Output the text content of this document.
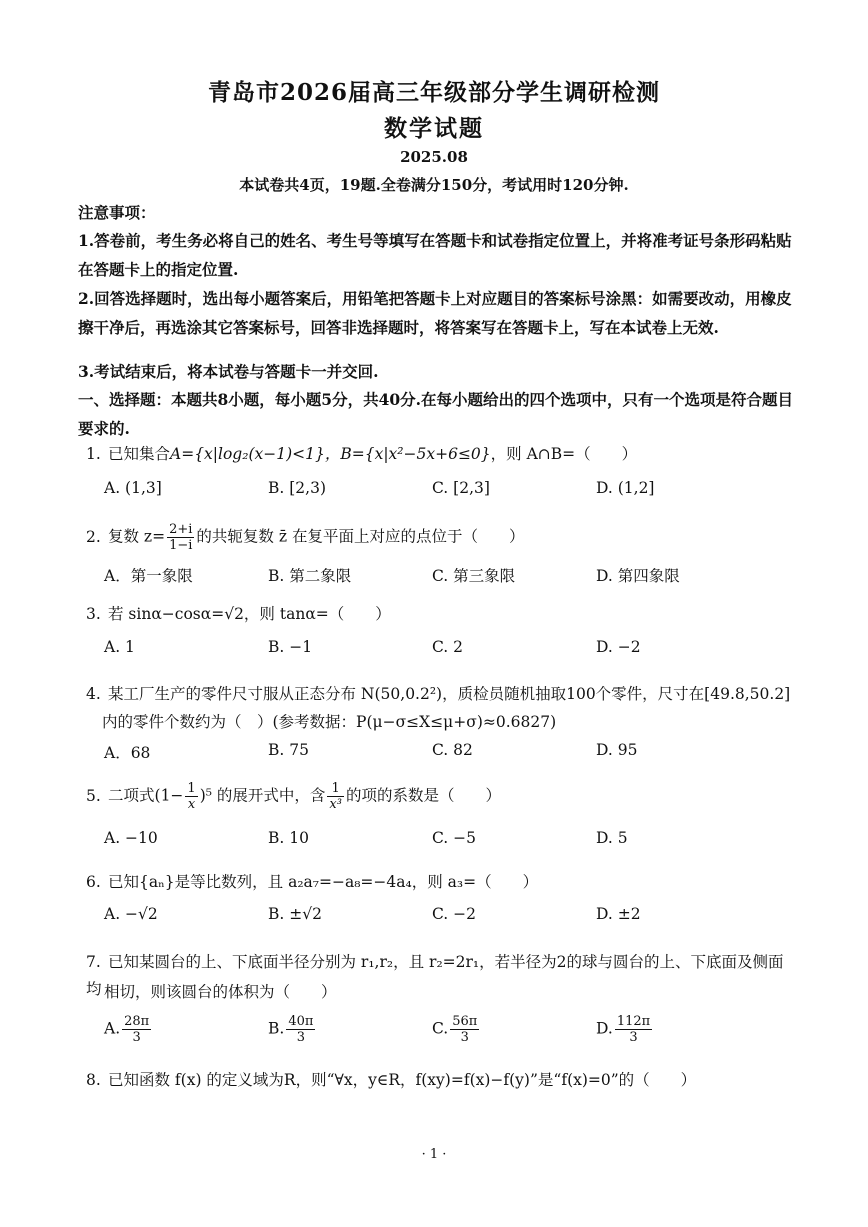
青岛市2026届高三年级部分学生调研检测
数学试题
2025.08
本试卷共4页，19题.全卷满分150分，考试用时120分钟.
注意事项：
1.答卷前，考生务必将自己的姓名、考生号等填写在答题卡和试卷指定位置上，并将准考证号条形码粘贴在答题卡上的指定位置.
2.回答选择题时，选出每小题答案后，用铅笔把答题卡上对应题目的答案标号涂黑：如需要改动，用橡皮擦干净后，再选涂其它答案标号，回答非选择题时，将答案写在答题卡上，写在本试卷上无效.
3.考试结束后，将本试卷与答题卡一并交回.
一、选择题：本题共8小题，每小题5分，共40分.在每小题给出的四个选项中，只有一个选项是符合题目要求的.
1. 已知集合A={x|log₂(x−1)<1}，B={x|x²−5x+6≤0}，则 A∩B=（　　）
A. (1,3]	B. [2,3)	C. [2,3]	D. (1,2]
2. 复数 $z= \frac{2+i}{1-i}$ 的共轭复数 z̄ 在复平面上对应的点位于（　　）
A．第一象限	B. 第二象限	C. 第三象限	D. 第四象限
3. 若 sinα−cosα=√2，则 tanα=（　　）
A. 1	B. −1	C. 2	D. −2
4. 某工厂生产的零件尺寸服从正态分布 N(50,0.2²)，质检员随机抽取100个零件，尺寸在[49.8,50.2]
内的零件个数约为（　）(参考数据：P(μ−σ≤X≤μ+σ)≈0.6827)
A．68	B. 75	C. 82	D. 95
5. 二项式$(1- \frac{1}{x} )^5$ 的展开式中，含 $\frac{1}{\text{x³}}$ 的项的系数是（　　）
A. −10	B. 10	C. −5	D. 5
6. 已知{aₙ}是等比数列，且 a₂a₇=−a₈=−4a₄，则 a₃=（　　）
A. −√2	B. ±√2	C. −2	D. ±2
7. 已知某圆台的上、下底面半径分别为 r₁,r₂，且 r₂=2r₁，若半径为2的球与圆台的上、下底面及侧面均 相切，则该圆台的体积为（　　）
A. $\frac{28\pi}{3}$	B. $\frac{40\pi}{3}$	C. $\frac{56\pi}{3}$	D. $\frac{112\pi}{3}$
8. 已知函数 f(x) 的定义域为R，则“∀x，y∈R，f(xy)=f(x)−f(y)”是“f(x)=0”的（　　）
· 1 ·
